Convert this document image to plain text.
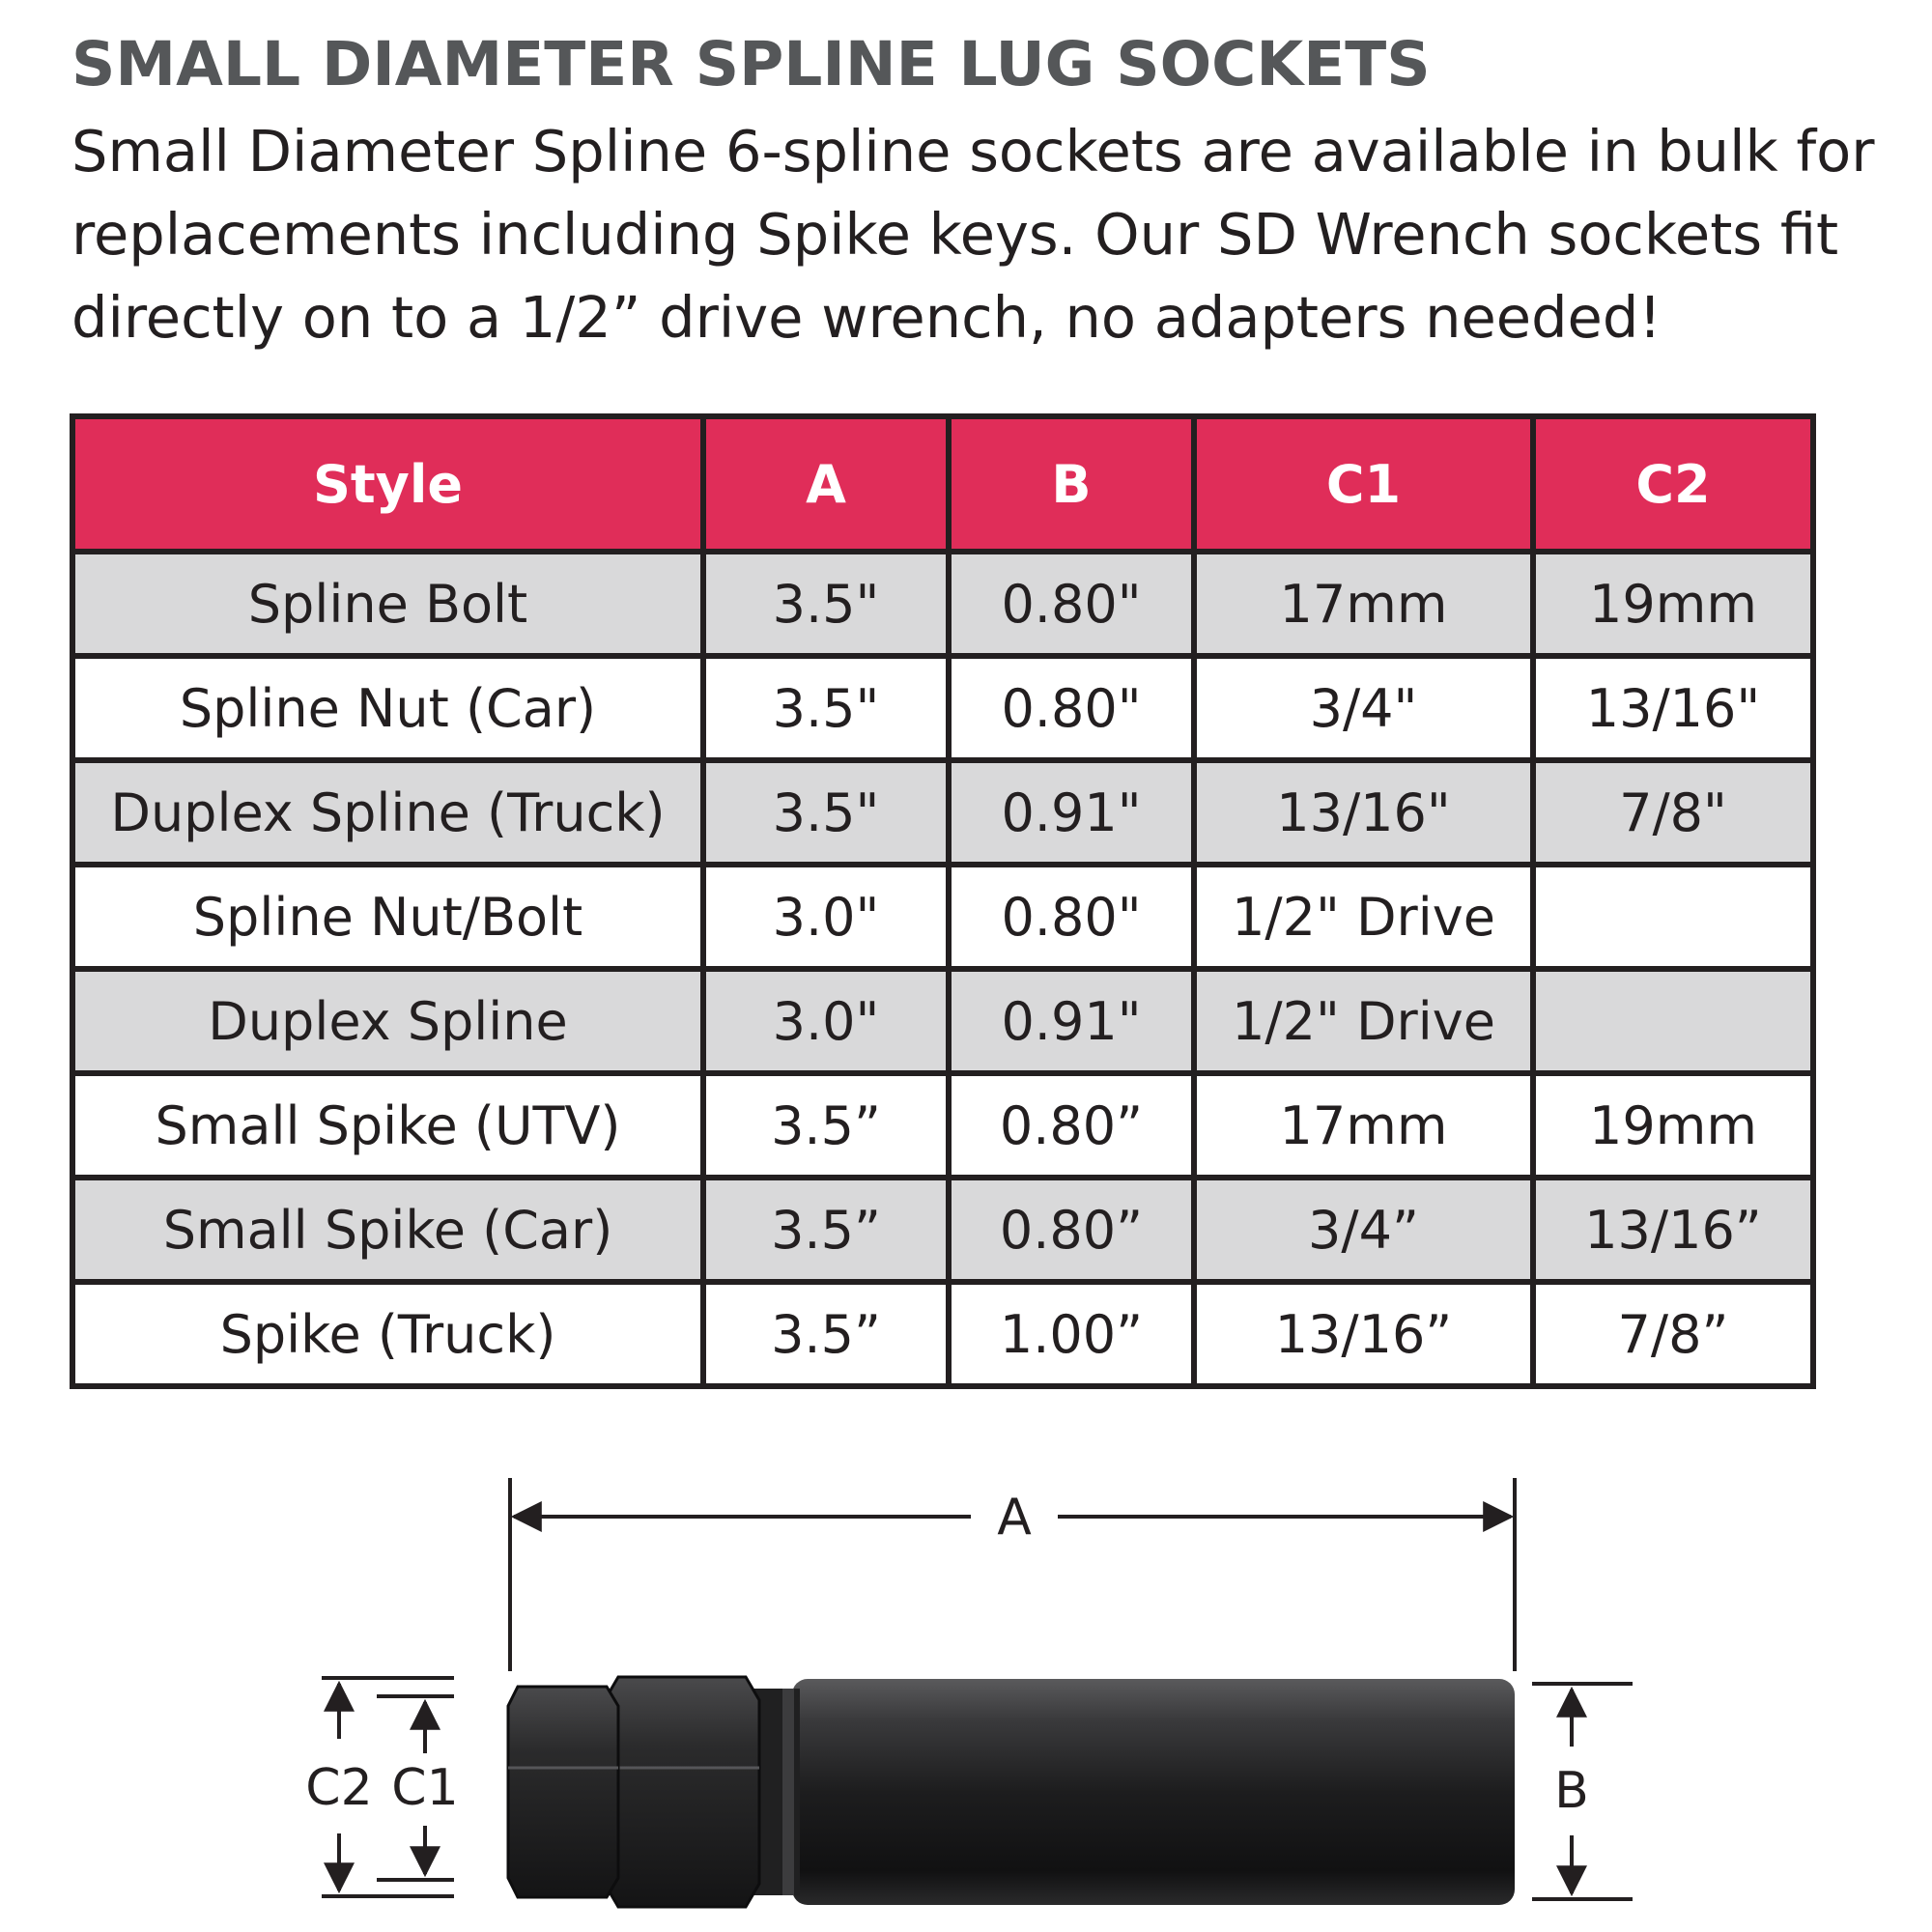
SMALL DIAMETER SPLINE LUG SOCKETS

Small Diameter Spline 6-spline sockets are available in bulk for replacements including Spike keys. Our SD Wrench sockets fit directly on to a 1/2” drive wrench, no adapters needed!

Style	A	B	C1	C2
Spline Bolt	3.5"	0.80"	17mm	19mm
Spline Nut (Car)	3.5"	0.80"	3/4"	13/16"
Duplex Spline (Truck)	3.5"	0.91"	13/16"	7/8"
Spline Nut/Bolt	3.0"	0.80"	1/2" Drive	
Duplex Spline	3.0"	0.91"	1/2" Drive	
Small Spike (UTV)	3.5”	0.80”	17mm	19mm
Small Spike (Car)	3.5”	0.80”	3/4”	13/16”
Spike (Truck)	3.5”	1.00”	13/16”	7/8”
A
C2 C1	B
